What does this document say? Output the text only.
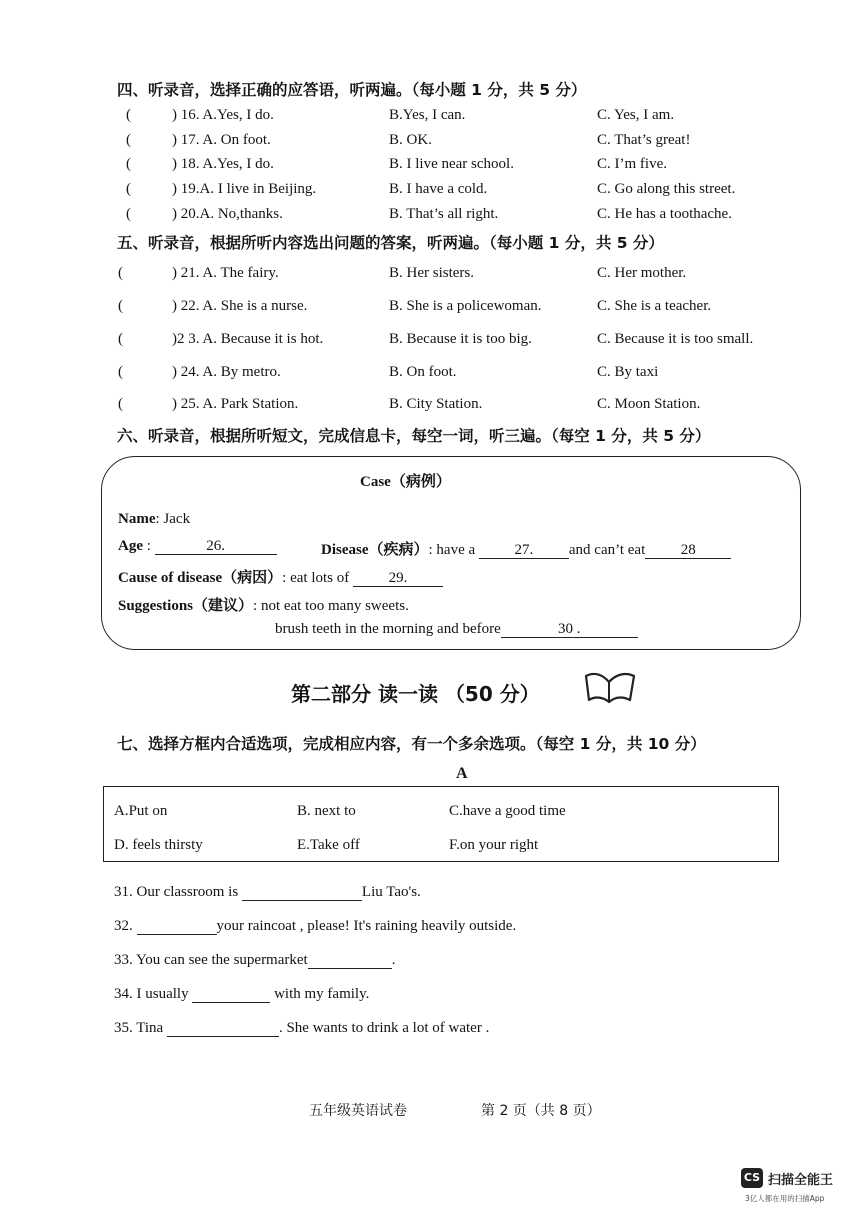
四、听录音，选择正确的应答语，听两遍。（每小题 1 分，共 5 分）
(	) 16. A.Yes, I do.	B.Yes, I can.	C. Yes, I am.
(	) 17. A. On foot.	B. OK.	C. That’s great!
(	) 18. A.Yes, I do.	B. I live near school.	C. I’m five.
(	) 19.A. I live in Beijing.	B. I have a cold.	C. Go along this street.
(	) 20.A. No,thanks.	B. That’s all right.	C. He has a toothache.
五、听录音，根据所听内容选出问题的答案，听两遍。（每小题 1 分，共 5 分）
(	) 21. A. The fairy.	B. Her sisters.	C. Her mother.
(	) 22. A. She is a nurse.	B. She is a policewoman.	C. She is a teacher.
(	)2 3. A. Because it is hot.	B. Because it is too big.	C. Because it is too small.
(	) 24. A. By metro.	B. On foot.	C. By taxi
(	) 25. A. Park Station.	B. City Station.	C. Moon Station.
六、听录音，根据所听短文，完成信息卡，每空一词，听三遍。（每空 1 分，共 5 分）
Case（病例）
Name: Jack
Age :	26.	Disease（疾病）: have a 27. and can’t eat 28
Cause of disease（病因）: eat lots of 29.
Suggestions（建议）: not eat too many sweets.
brush teeth in the morning and before	30 .
第二部分 读一读 （50 分）
七、选择方框内合适选项，完成相应内容，有一个多余选项。（每空 1 分，共 10 分）
A
A.Put on	B. next to	C.have a good time
D. feels thirsty	E.Take off	F.on your right
31. Our classroom is	Liu Tao's.
32.	your raincoat , please! It's raining heavily outside.
33. You can see the supermarket	.
34. I usually	with my family.
35. Tina	. She wants to drink a lot of water .
五年级英语试卷	第 2 页（共 8 页）
CS 扫描全能王
3亿人都在用的扫描App
